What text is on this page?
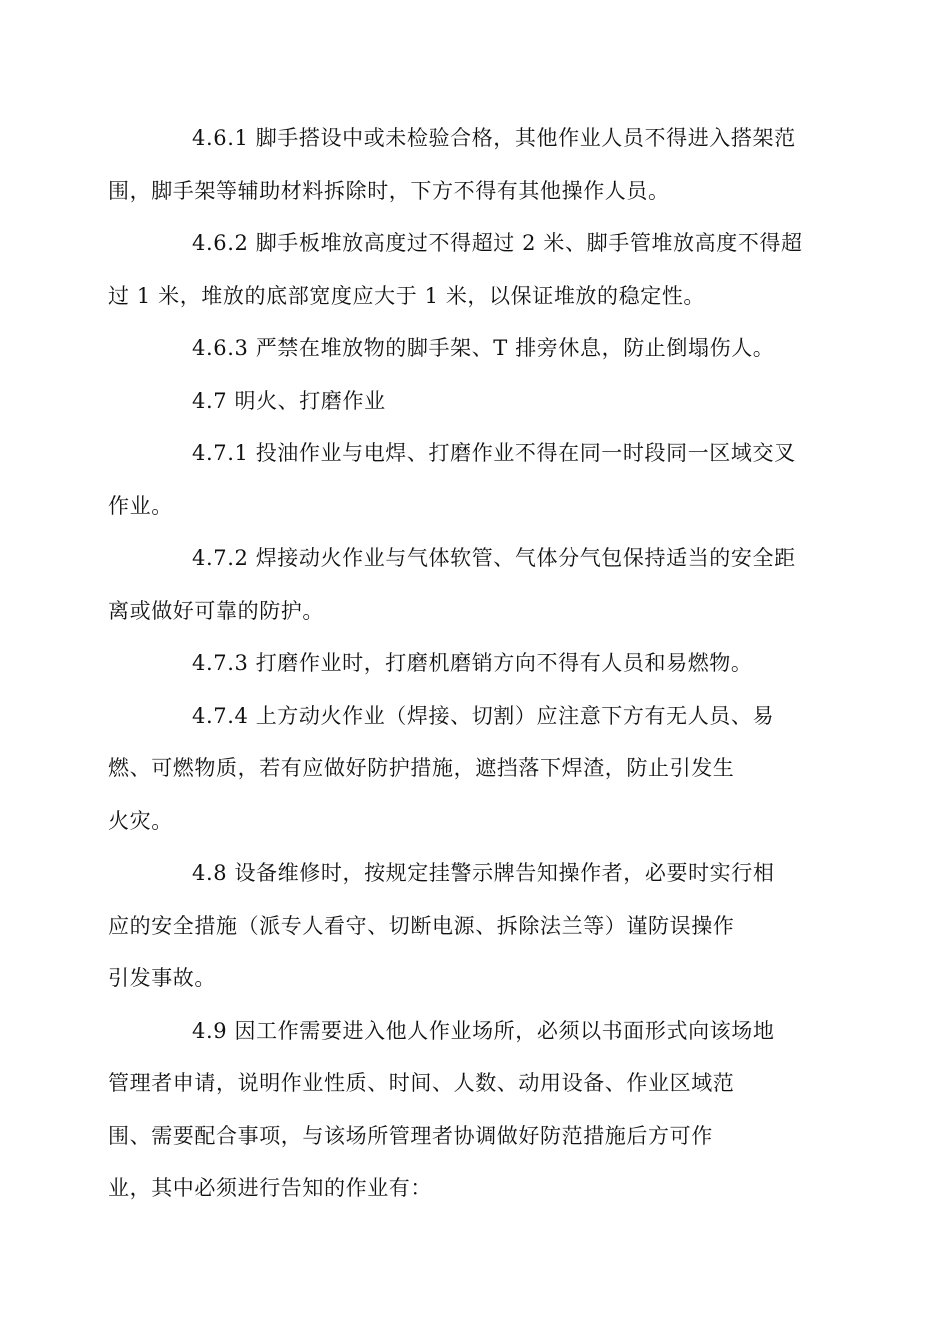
4.6.1 脚手搭设中或未检验合格，其他作业人员不得进入搭架范
围，脚手架等辅助材料拆除时，下方不得有其他操作人员。

4.6.2 脚手板堆放高度过不得超过 2 米、脚手管堆放高度不得超
过 1 米，堆放的底部宽度应大于 1 米，以保证堆放的稳定性。

4.6.3 严禁在堆放物的脚手架、T 排旁休息，防止倒塌伤人。

4.7 明火、打磨作业

4.7.1 投油作业与电焊、打磨作业不得在同一时段同一区域交叉
作业。

4.7.2 焊接动火作业与气体软管、气体分气包保持适当的安全距
离或做好可靠的防护。

4.7.3 打磨作业时，打磨机磨销方向不得有人员和易燃物。

4.7.4 上方动火作业（焊接、切割）应注意下方有无人员、易
燃、可燃物质，若有应做好防护措施，遮挡落下焊渣，防止引发生
火灾。

4.8 设备维修时，按规定挂警示牌告知操作者，必要时实行相
应的安全措施（派专人看守、切断电源、拆除法兰等）谨防误操作
引发事故。

4.9 因工作需要进入他人作业场所，必须以书面形式向该场地
管理者申请，说明作业性质、时间、人数、动用设备、作业区域范
围、需要配合事项，与该场所管理者协调做好防范措施后方可作
业，其中必须进行告知的作业有：
